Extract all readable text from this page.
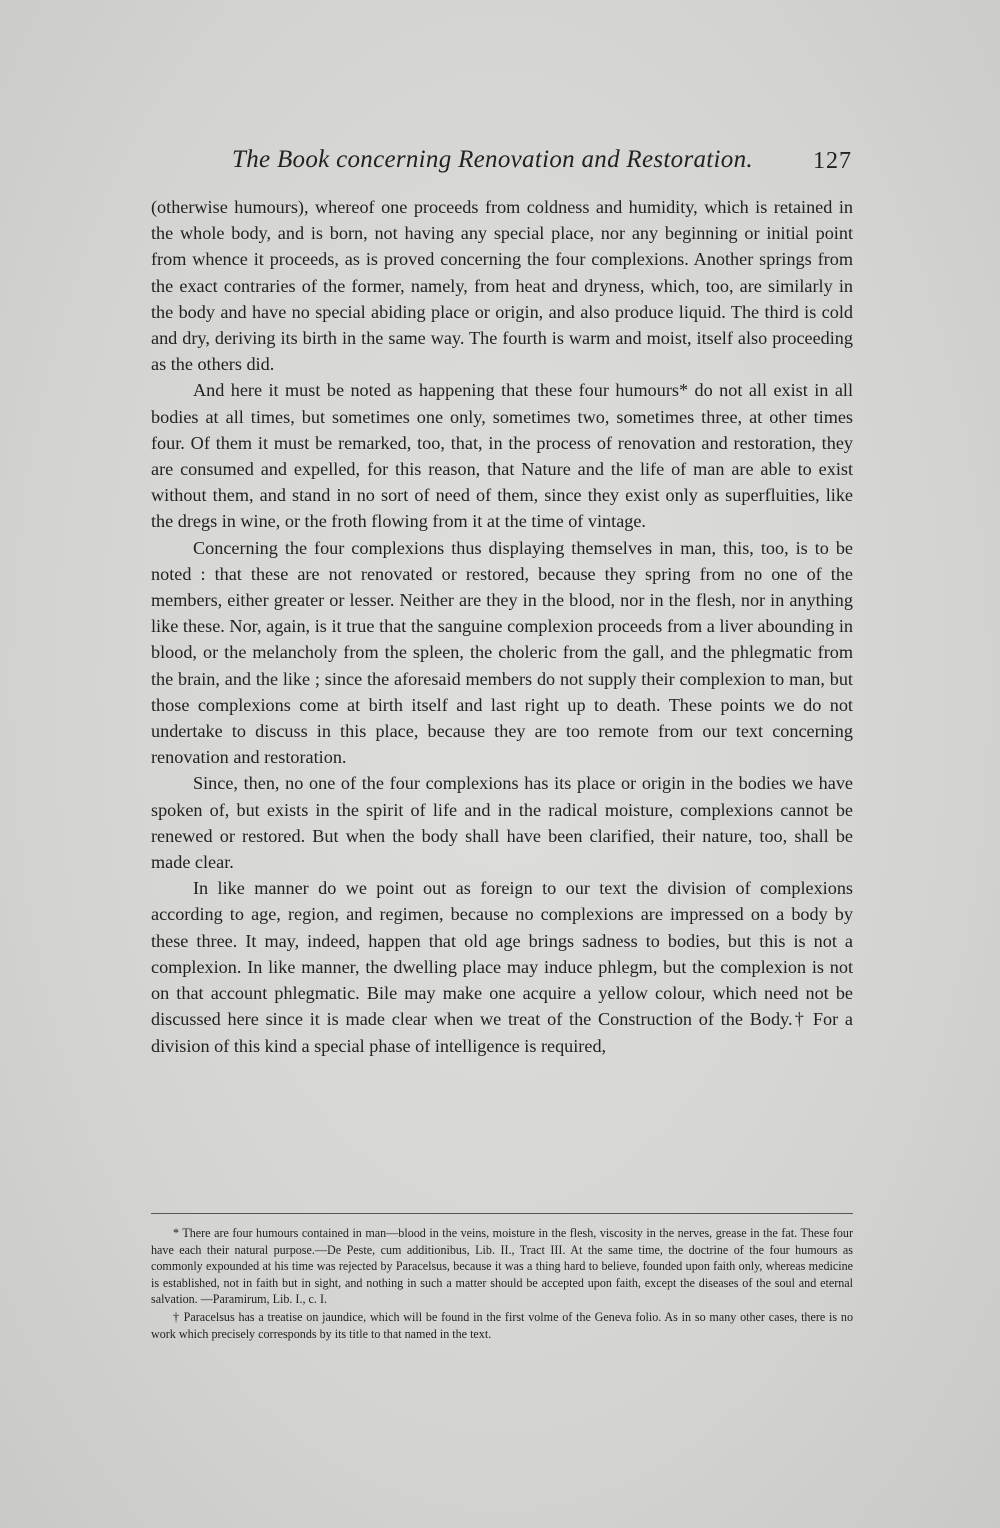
The Book concerning Renovation and Restoration.	127

(otherwise humours), whereof one proceeds from coldness and humidity, which is retained in the whole body, and is born, not having any special place, nor any beginning or initial point from whence it proceeds, as is proved concerning the four complexions. Another springs from the exact contraries of the former, namely, from heat and dryness, which, too, are similarly in the body and have no special abiding place or origin, and also produce liquid. The third is cold and dry, deriving its birth in the same way. The fourth is warm and moist, itself also proceeding as the others did.

And here it must be noted as happening that these four humours* do not all exist in all bodies at all times, but sometimes one only, sometimes two, sometimes three, at other times four. Of them it must be remarked, too, that, in the process of renovation and restoration, they are consumed and expelled, for this reason, that Nature and the life of man are able to exist without them, and stand in no sort of need of them, since they exist only as superfluities, like the dregs in wine, or the froth flowing from it at the time of vintage.

Concerning the four complexions thus displaying themselves in man, this, too, is to be noted : that these are not renovated or restored, because they spring from no one of the members, either greater or lesser. Neither are they in the blood, nor in the flesh, nor in anything like these. Nor, again, is it true that the sanguine complexion proceeds from a liver abounding in blood, or the melancholy from the spleen, the choleric from the gall, and the phlegmatic from the brain, and the like ; since the aforesaid members do not supply their complexion to man, but those complexions come at birth itself and last right up to death. These points we do not undertake to discuss in this place, because they are too remote from our text concerning renovation and restoration.

Since, then, no one of the four complexions has its place or origin in the bodies we have spoken of, but exists in the spirit of life and in the radical moisture, complexions cannot be renewed or restored. But when the body shall have been clarified, their nature, too, shall be made clear.

In like manner do we point out as foreign to our text the division of complexions according to age, region, and regimen, because no complexions are impressed on a body by these three. It may, indeed, happen that old age brings sadness to bodies, but this is not a complexion. In like manner, the dwelling place may induce phlegm, but the complexion is not on that account phlegmatic. Bile may make one acquire a yellow colour, which need not be discussed here since it is made clear when we treat of the Construction of the Body.† For a division of this kind a special phase of intelligence is required,

* There are four humours contained in man—blood in the veins, moisture in the flesh, viscosity in the nerves, grease in the fat. These four have each their natural purpose.—De Peste, cum additionibus, Lib. II., Tract III. At the same time, the doctrine of the four humours as commonly expounded at his time was rejected by Paracelsus, because it was a thing hard to believe, founded upon faith only, whereas medicine is established, not in faith but in sight, and nothing in such a matter should be accepted upon faith, except the diseases of the soul and eternal salvation. —Paramirum, Lib. I., c. I.

† Paracelsus has a treatise on jaundice, which will be found in the first volme of the Geneva folio. As in so many other cases, there is no work which precisely corresponds by its title to that named in the text.
